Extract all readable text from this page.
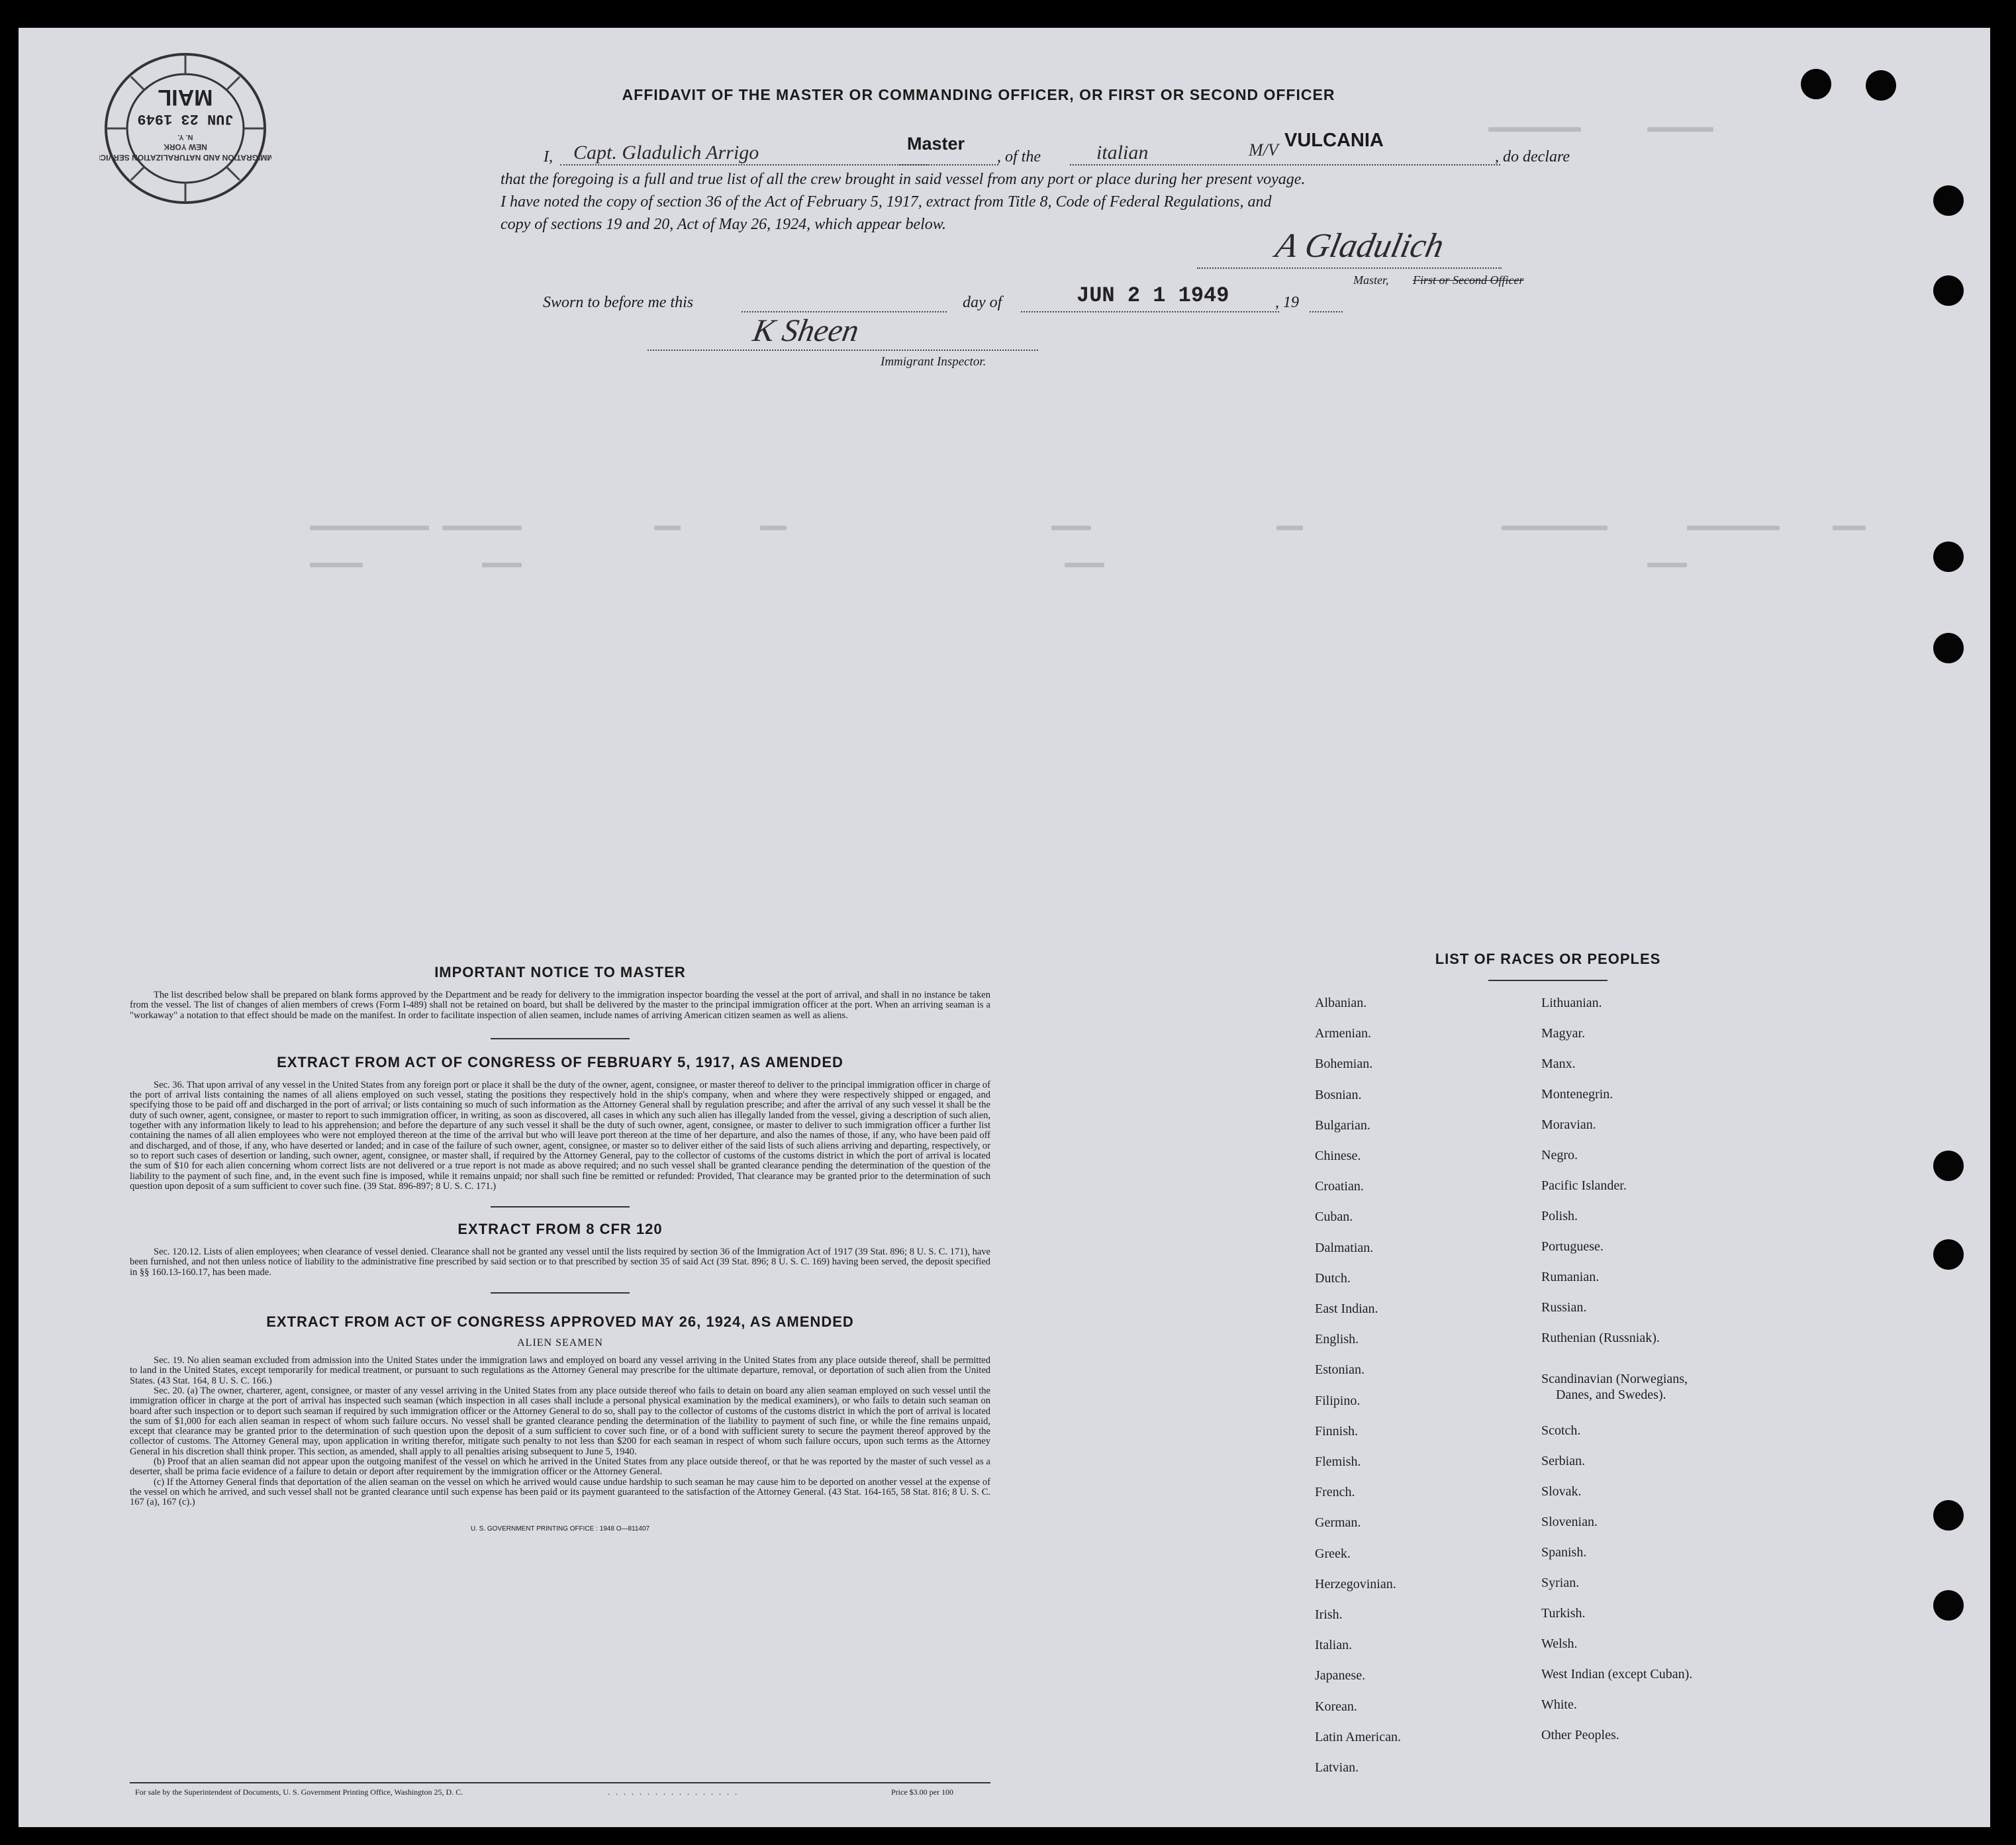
IMMIGRATION AND NATURALIZATION SERVICE
NEW YORK
N. Y.
JUN 23 1949
MAIL	AFFIDAVIT OF THE MASTER OR COMMANDING OFFICER, OR FIRST OR SECOND OFFICER
I, Capt. Gladulich Arrigo	Master
, of the	italian	M/V VULCANIA
, do declare
that the foregoing is a full and true list of all the crew brought in said vessel from any port or place during her present voyage.
I have noted the copy of section 36 of the Act of February 5, 1917, extract from Title 8, Code of Federal Regulations, and
copy of sections 19 and 20, Act of May 26, 1924, which appear below.
A Gladulich
Master, First or Second Officer
Sworn to before me this	day of	JUN 2 1 1949	, 19
K Sheen
Immigrant Inspector.
IMPORTANT NOTICE TO MASTER
The list described below shall be prepared on blank forms approved by the Department and be ready for delivery to the immigration inspector boarding the vessel at the port of arrival, and shall in no instance be taken from the vessel. The list of changes of alien members of crews (Form I-489) shall not be retained on board, but shall be delivered by the master to the principal immigration officer at the port. When an arriving seaman is a "workaway" a notation to that effect should be made on the manifest. In order to facilitate inspection of alien seamen, include names of arriving American citizen seamen as well as aliens.
EXTRACT FROM ACT OF CONGRESS OF FEBRUARY 5, 1917, AS AMENDED
Sec. 36. That upon arrival of any vessel in the United States from any foreign port or place it shall be the duty of the owner, agent, consignee, or master thereof to deliver to the principal immigration officer in charge of the port of arrival lists containing the names of all aliens employed on such vessel, stating the positions they respectively hold in the ship's company, when and where they were respectively shipped or engaged, and specifying those to be paid off and discharged in the port of arrival; or lists containing so much of such information as the Attorney General shall by regulation prescribe; and after the arrival of any such vessel it shall be the duty of such owner, agent, consignee, or master to report to such immigration officer, in writing, as soon as discovered, all cases in which any such alien has illegally landed from the vessel, giving a description of such alien, together with any information likely to lead to his apprehension; and before the departure of any such vessel it shall be the duty of such owner, agent, consignee, or master to deliver to such immigration officer a further list containing the names of all alien employees who were not employed thereon at the time of the arrival but who will leave port thereon at the time of her departure, and also the names of those, if any, who have been paid off and discharged, and of those, if any, who have deserted or landed; and in case of the failure of such owner, agent, consignee, or master so to deliver either of the said lists of such aliens arriving and departing, respectively, or so to report such cases of desertion or landing, such owner, agent, consignee, or master shall, if required by the Attorney General, pay to the collector of customs of the customs district in which the port of arrival is located the sum of $10 for each alien concerning whom correct lists are not delivered or a true report is not made as above required; and no such vessel shall be granted clearance pending the determination of the question of the liability to the payment of such fine, and, in the event such fine is imposed, while it remains unpaid; nor shall such fine be remitted or refunded: Provided, That clearance may be granted prior to the determination of such question upon deposit of a sum sufficient to cover such fine. (39 Stat. 896-897; 8 U. S. C. 171.)
EXTRACT FROM 8 CFR 120
Sec. 120.12. Lists of alien employees; when clearance of vessel denied. Clearance shall not be granted any vessel until the lists required by section 36 of the Immigration Act of 1917 (39 Stat. 896; 8 U. S. C. 171), have been furnished, and not then unless notice of liability to the administrative fine prescribed by said section or to that prescribed by section 35 of said Act (39 Stat. 896; 8 U. S. C. 169) having been served, the deposit specified in §§ 160.13-160.17, has been made.
EXTRACT FROM ACT OF CONGRESS APPROVED MAY 26, 1924, AS AMENDED
ALIEN SEAMEN
Sec. 19. No alien seaman excluded from admission into the United States under the immigration laws and employed on board any vessel arriving in the United States from any place outside thereof, shall be permitted to land in the United States, except temporarily for medical treatment, or pursuant to such regulations as the Attorney General may prescribe for the ultimate departure, removal, or deportation of such alien from the United States. (43 Stat. 164, 8 U. S. C. 166.)
Sec. 20. (a) The owner, charterer, agent, consignee, or master of any vessel arriving in the United States from any place outside thereof who fails to detain on board any alien seaman employed on such vessel until the immigration officer in charge at the port of arrival has inspected such seaman (which inspection in all cases shall include a personal physical examination by the medical examiners), or who fails to detain such seaman on board after such inspection or to deport such seaman if required by such immigration officer or the Attorney General to do so, shall pay to the collector of customs of the customs district in which the port of arrival is located the sum of $1,000 for each alien seaman in respect of whom such failure occurs. No vessel shall be granted clearance pending the determination of the liability to payment of such fine, or while the fine remains unpaid, except that clearance may be granted prior to the determination of such question upon the deposit of a sum sufficient to cover such fine, or of a bond with sufficient surety to secure the payment thereof approved by the collector of customs. The Attorney General may, upon application in writing therefor, mitigate such penalty to not less than $200 for each seaman in respect of whom such failure occurs, upon such terms as the Attorney General in his discretion shall think proper. This section, as amended, shall apply to all penalties arising subsequent to June 5, 1940.
(b) Proof that an alien seaman did not appear upon the outgoing manifest of the vessel on which he arrived in the United States from any place outside thereof, or that he was reported by the master of such vessel as a deserter, shall be prima facie evidence of a failure to detain or deport after requirement by the immigration officer or the Attorney General.
(c) If the Attorney General finds that deportation of the alien seaman on the vessel on which he arrived would cause undue hardship to such seaman he may cause him to be deported on another vessel at the expense of the vessel on which he arrived, and such vessel shall not be granted clearance until such expense has been paid or its payment guaranteed to the satisfaction of the Attorney General. (43 Stat. 164-165, 58 Stat. 816; 8 U. S. C. 167 (a), 167 (c).)
U. S. GOVERNMENT PRINTING OFFICE : 1948 O—811407
For sale by the Superintendent of Documents, U. S. Government Printing Office, Washington 25, D. C.	. . . . . . . . . . . . . . . . .	Price $3.00 per 100
LIST OF RACES OR PEOPLES
Albanian.
Armenian.
Bohemian.
Bosnian.
Bulgarian.
Chinese.
Croatian.
Cuban.
Dalmatian.
Dutch.
East Indian.
English.
Estonian.
Filipino.
Finnish.
Flemish.
French.
German.
Greek.
Herzegovinian.
Irish.
Italian.
Japanese.
Korean.
Latin American.
Latvian.
Lithuanian.
Magyar.
Manx.
Montenegrin.
Moravian.
Negro.
Pacific Islander.
Polish.
Portuguese.
Rumanian.
Russian.
Ruthenian (Russniak).
Scandinavian (Norwegians,
Danes, and Swedes).
Scotch.
Serbian.
Slovak.
Slovenian.
Spanish.
Syrian.
Turkish.
Welsh.
West Indian (except Cuban).
White.
Other Peoples.
